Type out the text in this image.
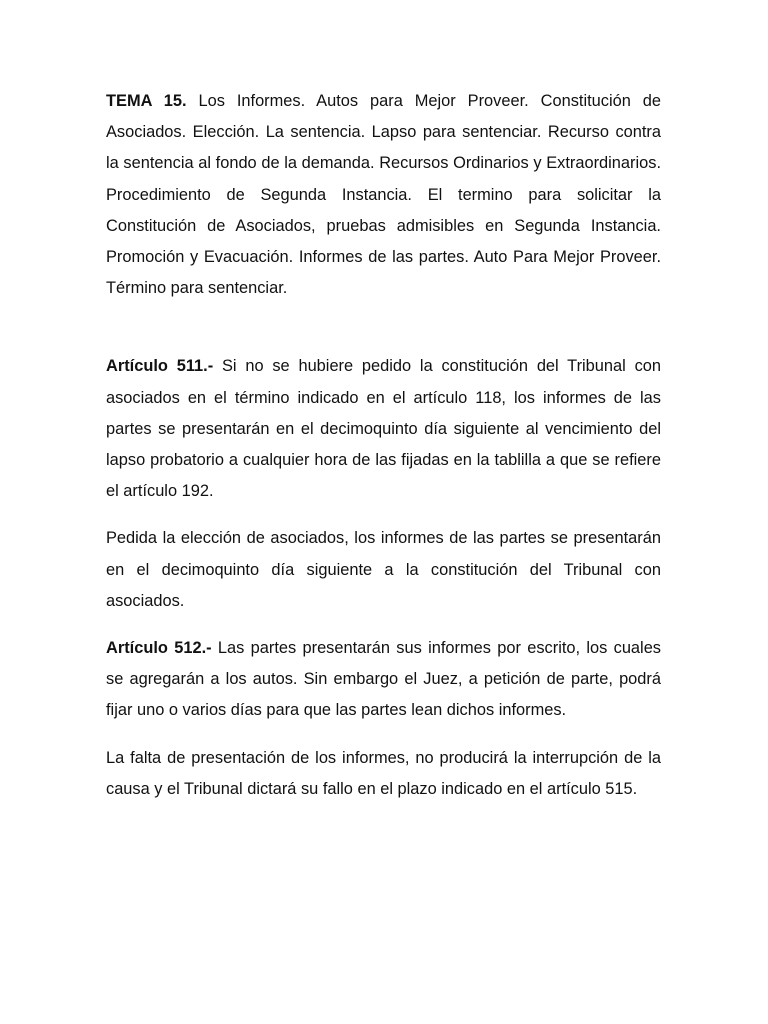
TEMA 15. Los Informes. Autos para Mejor Proveer. Constitución de Asociados. Elección. La sentencia. Lapso para sentenciar. Recurso contra la sentencia al fondo de la demanda. Recursos Ordinarios y Extraordinarios. Procedimiento de Segunda Instancia. El termino para solicitar la Constitución de Asociados, pruebas admisibles en Segunda Instancia. Promoción y Evacuación. Informes de las partes. Auto Para Mejor Proveer. Término para sentenciar.

Artículo 511.- Si no se hubiere pedido la constitución del Tribunal con asociados en el término indicado en el artículo 118, los informes de las partes se presentarán en el decimoquinto día siguiente al vencimiento del lapso probatorio a cualquier hora de las fijadas en la tablilla a que se refiere el artículo 192.

Pedida la elección de asociados, los informes de las partes se presentarán en el decimoquinto día siguiente a la constitución del Tribunal con asociados.

Artículo 512.- Las partes presentarán sus informes por escrito, los cuales se agregarán a los autos. Sin embargo el Juez, a petición de parte, podrá fijar uno o varios días para que las partes lean dichos informes.

La falta de presentación de los informes, no producirá la interrupción de la causa y el Tribunal dictará su fallo en el plazo indicado en el artículo 515.
